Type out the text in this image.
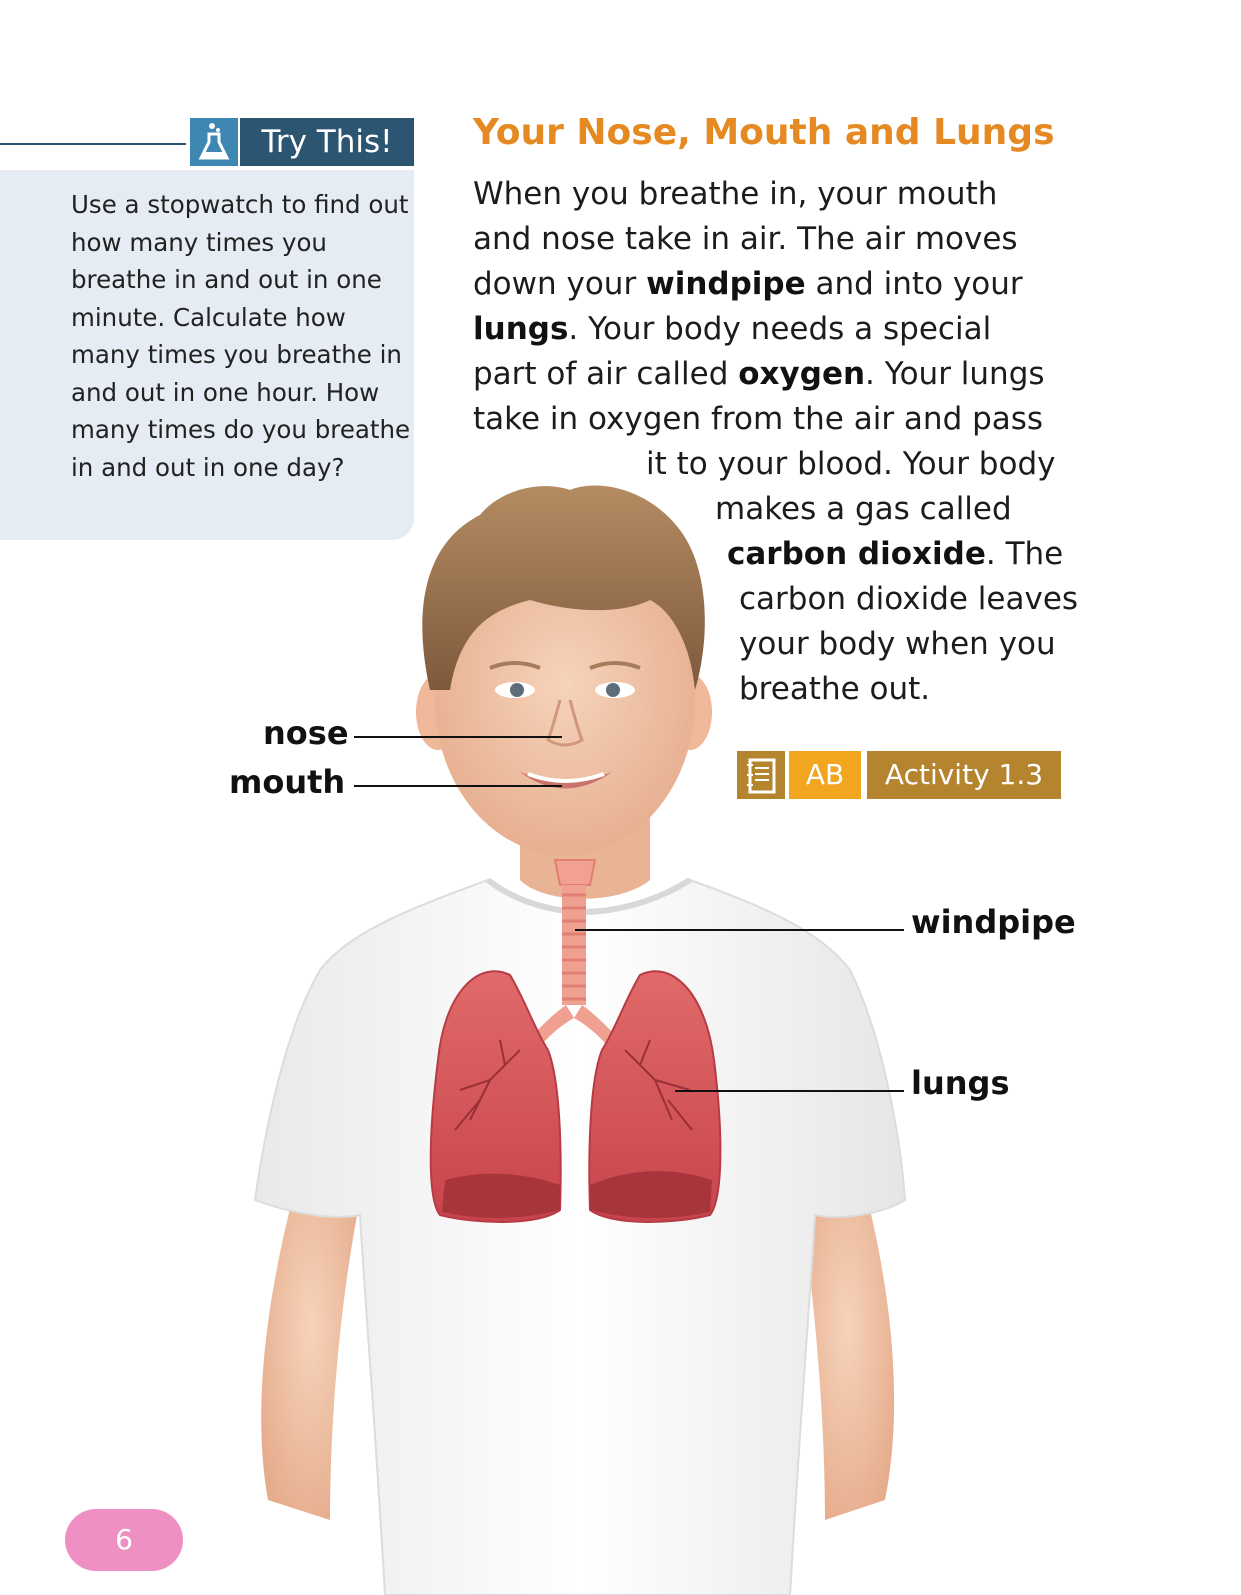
Try This!
Use a stopwatch to find out how many times you breathe in and out in one minute. Calculate how many times you breathe in and out in one hour. How many times do you breathe in and out in one day?
Your Nose, Mouth and Lungs
When you breathe in, your mouth
and nose take in air. The air moves
down your windpipe and into your
lungs. Your body needs a special
part of air called oxygen. Your lungs
take in oxygen from the air and pass
it to your blood. Your body
makes a gas called
carbon dioxide. The
carbon dioxide leaves
your body when you
breathe out.
AB	Activity 1.3
nose
mouth
windpipe
lungs
6
